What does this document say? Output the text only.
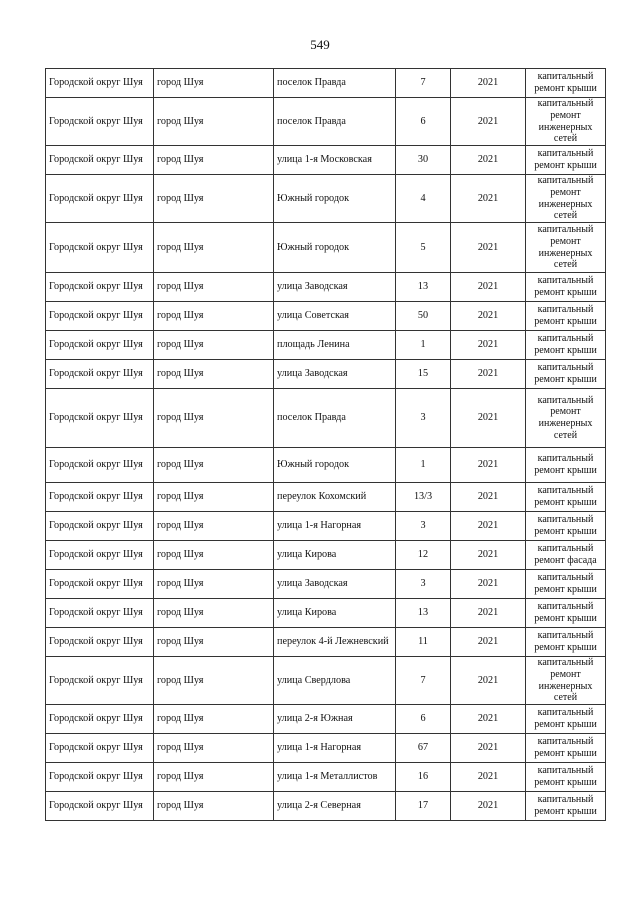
549
Городской округ Шуя	город Шуя	поселок Правда	7	2021	капитальный ремонт крыши
Городской округ Шуя	город Шуя	поселок Правда	6	2021	капитальный ремонт инженерных сетей
Городской округ Шуя	город Шуя	улица 1-я Московская	30	2021	капитальный ремонт крыши
Городской округ Шуя	город Шуя	Южный городок	4	2021	капитальный ремонт инженерных сетей
Городской округ Шуя	город Шуя	Южный городок	5	2021	капитальный ремонт инженерных сетей
Городской округ Шуя	город Шуя	улица Заводская	13	2021	капитальный ремонт крыши
Городской округ Шуя	город Шуя	улица Советская	50	2021	капитальный ремонт крыши
Городской округ Шуя	город Шуя	площадь Ленина	1	2021	капитальный ремонт крыши
Городской округ Шуя	город Шуя	улица Заводская	15	2021	капитальный ремонт крыши
Городской округ Шуя	город Шуя	поселок Правда	3	2021	капитальный ремонт инженерных сетей
Городской округ Шуя	город Шуя	Южный городок	1	2021	капитальный ремонт крыши
Городской округ Шуя	город Шуя	переулок Кохомский	13/3	2021	капитальный ремонт крыши
Городской округ Шуя	город Шуя	улица 1-я Нагорная	3	2021	капитальный ремонт крыши
Городской округ Шуя	город Шуя	улица Кирова	12	2021	капитальный ремонт фасада
Городской округ Шуя	город Шуя	улица Заводская	3	2021	капитальный ремонт крыши
Городской округ Шуя	город Шуя	улица Кирова	13	2021	капитальный ремонт крыши
Городской округ Шуя	город Шуя	переулок 4-й Лежневский	11	2021	капитальный ремонт крыши
Городской округ Шуя	город Шуя	улица Свердлова	7	2021	капитальный ремонт инженерных сетей
Городской округ Шуя	город Шуя	улица 2-я Южная	6	2021	капитальный ремонт крыши
Городской округ Шуя	город Шуя	улица 1-я Нагорная	67	2021	капитальный ремонт крыши
Городской округ Шуя	город Шуя	улица 1-я Металлистов	16	2021	капитальный ремонт крыши
Городской округ Шуя	город Шуя	улица 2-я Северная	17	2021	капитальный ремонт крыши
